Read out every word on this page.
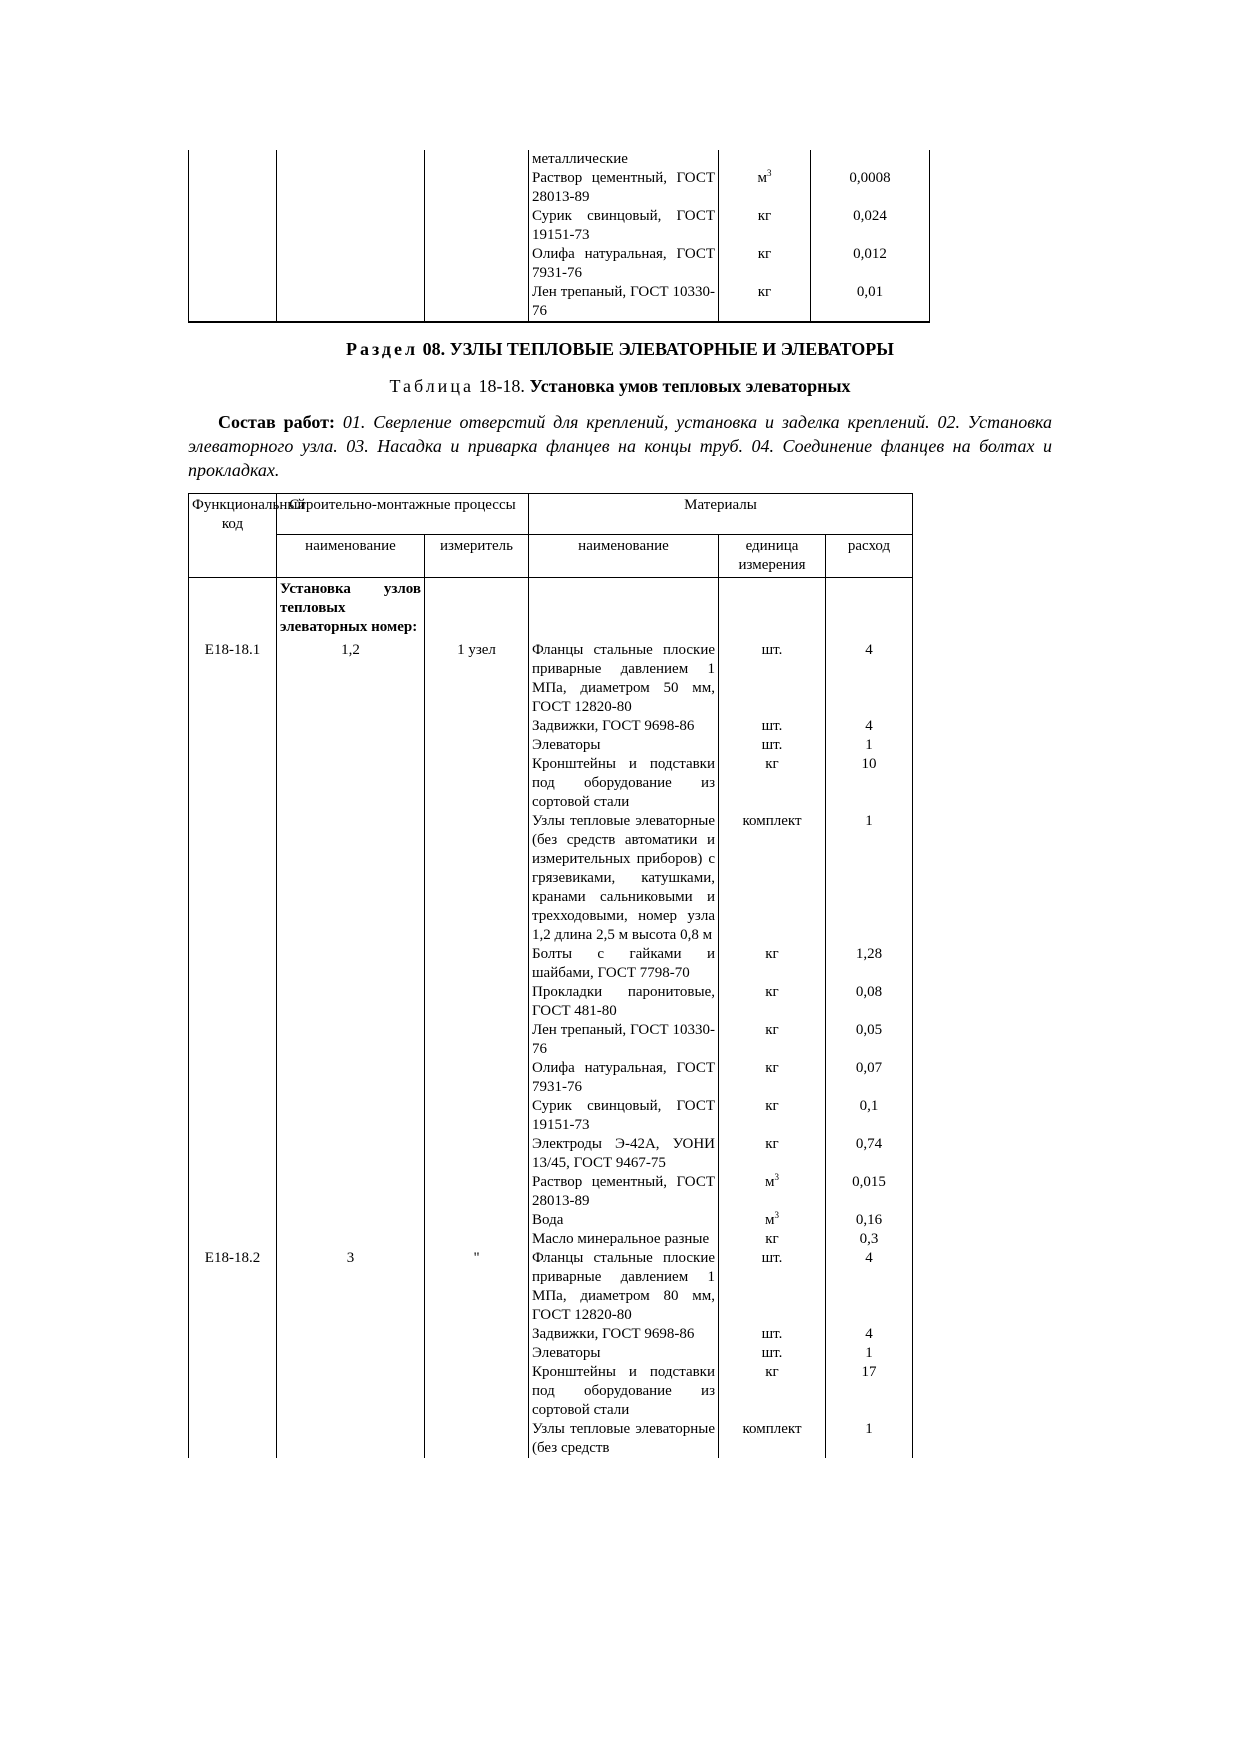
			металлические		
			Раствор цементный, ГОСТ 28013-89	$м^3$	0,0008
			Сурик свинцовый, ГОСТ 19151-73	кг	0,024
			Олифа натуральная, ГОСТ 7931-76	кг	0,012
			Лен трепаный, ГОСТ 10330-76	кг	0,01
Раздел 08. УЗЛЫ ТЕПЛОВЫЕ ЭЛЕВАТОРНЫЕ И ЭЛЕВАТОРЫ
Таблица 18-18. Установка умов тепловых элеваторных
Состав работ: 01. Сверление отверстий для креплений, установка и заделка креплений. 02. Установка элеваторного узла. 03. Насадка и приварка фланцев на концы труб. 04. Соединение фланцев на болтах и прокладках.
Функциональный код	Строительно-монтажные процессы		Материалы		
	наименование	измеритель	наименование	единица измерения	расход
	Установка узлов тепловых элеваторных номер:				
Е18-18.1	1,2	1 узел	Фланцы стальные плоские приварные давлением 1 МПа, диаметром 50 мм, ГОСТ 12820-80	шт.	4
			Задвижки, ГОСТ 9698-86	шт.	4
			Элеваторы	шт.	1
			Кронштейны и подставки под оборудование из сортовой стали	кг	10
			Узлы тепловые элеваторные (без средств автоматики и измерительных приборов) с грязевиками, катушками, кранами сальниковыми и трехходовыми, номер узла 1,2 длина 2,5 м высота 0,8 м	комплект	1
			Болты с гайками и шайбами, ГОСТ 7798-70	кг	1,28
			Прокладки паронитовые, ГОСТ 481-80	кг	0,08
			Лен трепаный, ГОСТ 10330-76	кг	0,05
			Олифа натуральная, ГОСТ 7931-76	кг	0,07
			Сурик свинцовый, ГОСТ 19151-73	кг	0,1
			Электроды Э-42А, УОНИ 13/45, ГОСТ 9467-75	кг	0,74
			Раствор цементный, ГОСТ 28013-89	$м^3$	0,015
			Вода	$м^3$	0,16
			Масло минеральное разные	кг	0,3
Е18-18.2	3	"	Фланцы стальные плоские приварные давлением 1 МПа, диаметром 80 мм, ГОСТ 12820-80	шт.	4
			Задвижки, ГОСТ 9698-86	шт.	4
			Элеваторы	шт.	1
			Кронштейны и подставки под оборудование из сортовой стали	кг	17
			Узлы тепловые элеваторные (без средств	комплект	1
